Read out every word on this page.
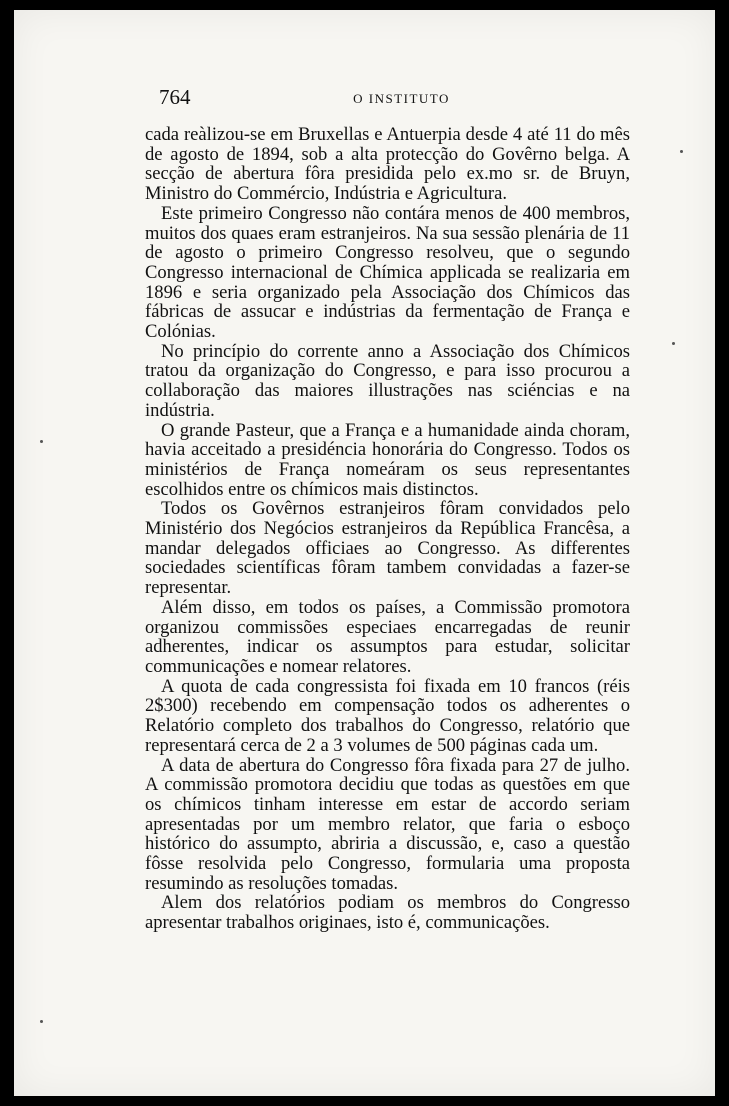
764	O INSTITUTO

cada reàlizou-se em Bruxellas e Antuerpia desde 4 até 11 do mês de agosto de 1894, sob a alta protecção do Govêrno belga. A secção de abertura fôra presidida pelo ex.mo sr. de Bruyn, Ministro do Commércio, Indústria e Agricultura.

Este primeiro Congresso não contára menos de 400 membros, muitos dos quaes eram estranjeiros. Na sua sessão plenária de 11 de agosto o primeiro Congresso resolveu, que o segundo Congresso internacional de Chímica applicada se realizaria em 1896 e seria organizado pela Associação dos Chímicos das fábricas de assucar e indústrias da fermentação de França e Colónias.

No princípio do corrente anno a Associação dos Chímicos tratou da organização do Congresso, e para isso procurou a collaboração das maiores illustrações nas sciéncias e na indústria.

O grande Pasteur, que a França e a humanidade ainda choram, havia acceitado a presidéncia honorária do Congresso. Todos os ministérios de França nomeáram os seus representantes escolhidos entre os chímicos mais distinctos.

Todos os Govêrnos estranjeiros fôram convidados pelo Ministério dos Negócios estranjeiros da República Francêsa, a mandar delegados officiaes ao Congresso. As differentes sociedades scientíficas fôram tambem convidadas a fazer-se representar.

Além disso, em todos os países, a Commissão promotora organizou commissões especiaes encarregadas de reunir adherentes, indicar os assumptos para estudar, solicitar communicações e nomear relatores.

A quota de cada congressista foi fixada em 10 francos (réis 2$300) recebendo em compensação todos os adherentes o Relatório completo dos trabalhos do Congresso, relatório que representará cerca de 2 a 3 volumes de 500 páginas cada um.

A data de abertura do Congresso fôra fixada para 27 de julho. A commissão promotora decidiu que todas as questões em que os chímicos tinham interesse em estar de accordo seriam apresentadas por um membro relator, que faria o esboço histórico do assumpto, abriria a discussão, e, caso a questão fôsse resolvida pelo Congresso, formularia uma proposta resumindo as resoluções tomadas.

Alem dos relatórios podiam os membros do Congresso apresentar trabalhos originaes, isto é, communicações.
